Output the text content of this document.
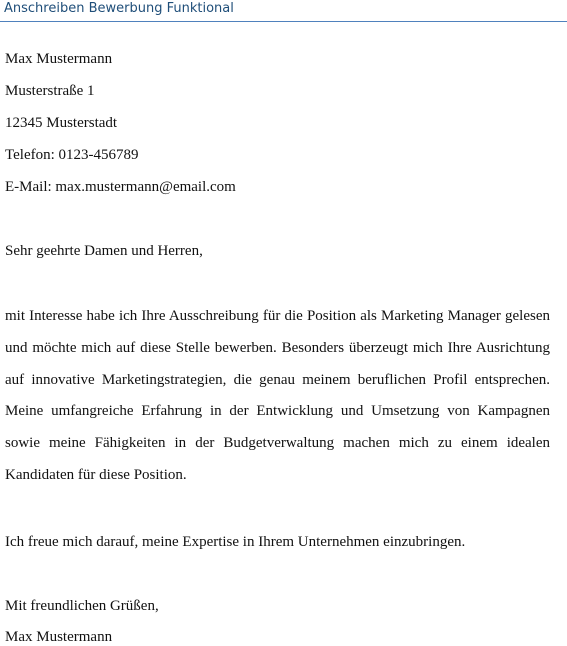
Anschreiben Bewerbung Funktional
Max Mustermann
Musterstraße 1
12345 Musterstadt
Telefon: 0123-456789
E-Mail: max.mustermann@email.com
Sehr geehrte Damen und Herren,
mit Interesse habe ich Ihre Ausschreibung für die Position als Marketing Manager gelesen und möchte mich auf diese Stelle bewerben. Besonders überzeugt mich Ihre Ausrichtung auf innovative Marketingstrategien, die genau meinem beruflichen Profil entsprechen. Meine umfangreiche Erfahrung in der Entwicklung und Umsetzung von Kampagnen sowie meine Fähigkeiten in der Budgetverwaltung machen mich zu einem idealen Kandidaten für diese Position.
Ich freue mich darauf, meine Expertise in Ihrem Unternehmen einzubringen.
Mit freundlichen Grüßen,
Max Mustermann
